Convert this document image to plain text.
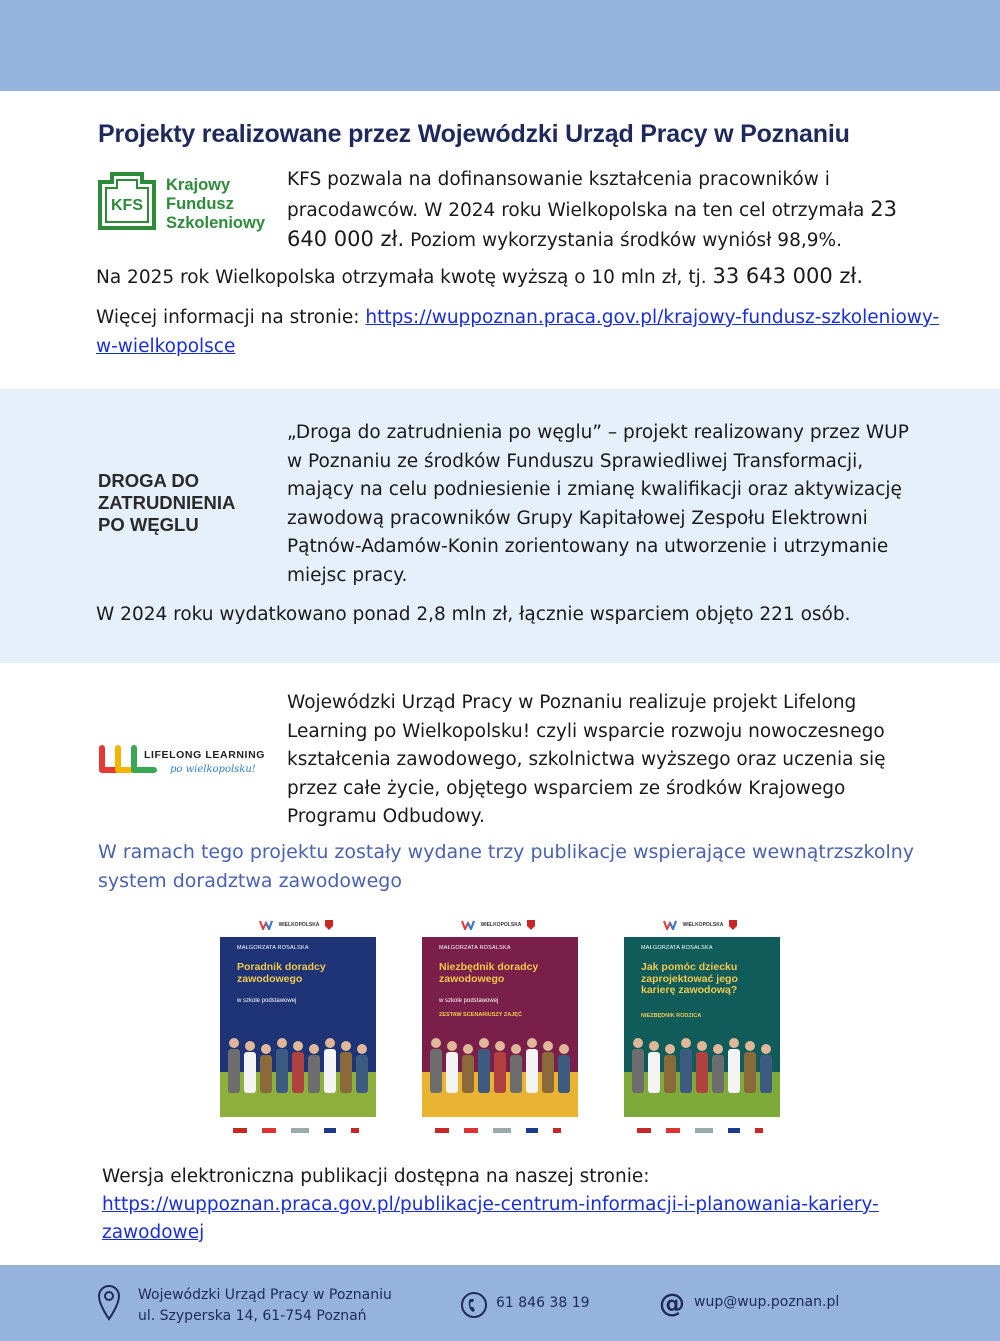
Projekty realizowane przez Wojewódzki Urząd Pracy w Poznaniu
KFS
Krajowy
Fundusz
Szkoleniowy

KFS pozwala na dofinansowanie kształcenia pracowników i pracodawców. W 2024 roku Wielkopolska na ten cel otrzymała 23 640 000 zł. Poziom wykorzystania środków wyniósł 98,9%.

Na 2025 rok Wielkopolska otrzymała kwotę wyższą o 10 mln zł, tj. 33 643 000 zł.

Więcej informacji na stronie: https://wuppoznan.praca.gov.pl/krajowy-fundusz-szkoleniowy-w-wielkopolsce

DROGA DO
ZATRUDNIENIA
PO WĘGLU

„Droga do zatrudnienia po węglu” – projekt realizowany przez WUP w Poznaniu ze środków Funduszu Sprawiedliwej Transformacji, mający na celu podniesienie i zmianę kwalifikacji oraz aktywizację zawodową pracowników Grupy Kapitałowej Zespołu Elektrowni Pątnów-Adamów-Konin zorientowany na utworzenie i utrzymanie miejsc pracy.

W 2024 roku wydatkowano ponad 2,8 mln zł, łącznie wsparciem objęto 221 osób.

LIFELONG LEARNING
po wielkopolsku!

Wojewódzki Urząd Pracy w Poznaniu realizuje projekt Lifelong Learning po Wielkopolsku! czyli wsparcie rozwoju nowoczesnego kształcenia zawodowego, szkolnictwa wyższego oraz uczenia się przez całe życie, objętego wsparciem ze środków Krajowego Programu Odbudowy.

W ramach tego projektu zostały wydane trzy publikacje wspierające wewnątrzszkolny system doradztwa zawodowego

WIELKOPOLSKA
MAŁGORZATA ROSALSKA
Poradnik doradcy zawodowego
w szkole podstawowej
WIELKOPOLSKA
MAŁGORZATA ROSALSKA
Niezbędnik doradcy zawodowego
w szkole podstawowej
ZESTAW SCENARIUSZY ZAJĘĆ
WIELKOPOLSKA
MAŁGORZATA ROSALSKA
Jak pomóc dziecku zaprojektować jego karierę zawodową?
NIEZBĘDNIK RODZICA
Wersja elektroniczna publikacji dostępna na naszej stronie:
https://wuppoznan.praca.gov.pl/publikacje-centrum-informacji-i-planowania-kariery-zawodowej
Wojewódzki Urząd Pracy w Poznaniu
ul. Szyperska 14, 61-754 Poznań
61 846 38 19	@ wup@wup.poznan.pl
